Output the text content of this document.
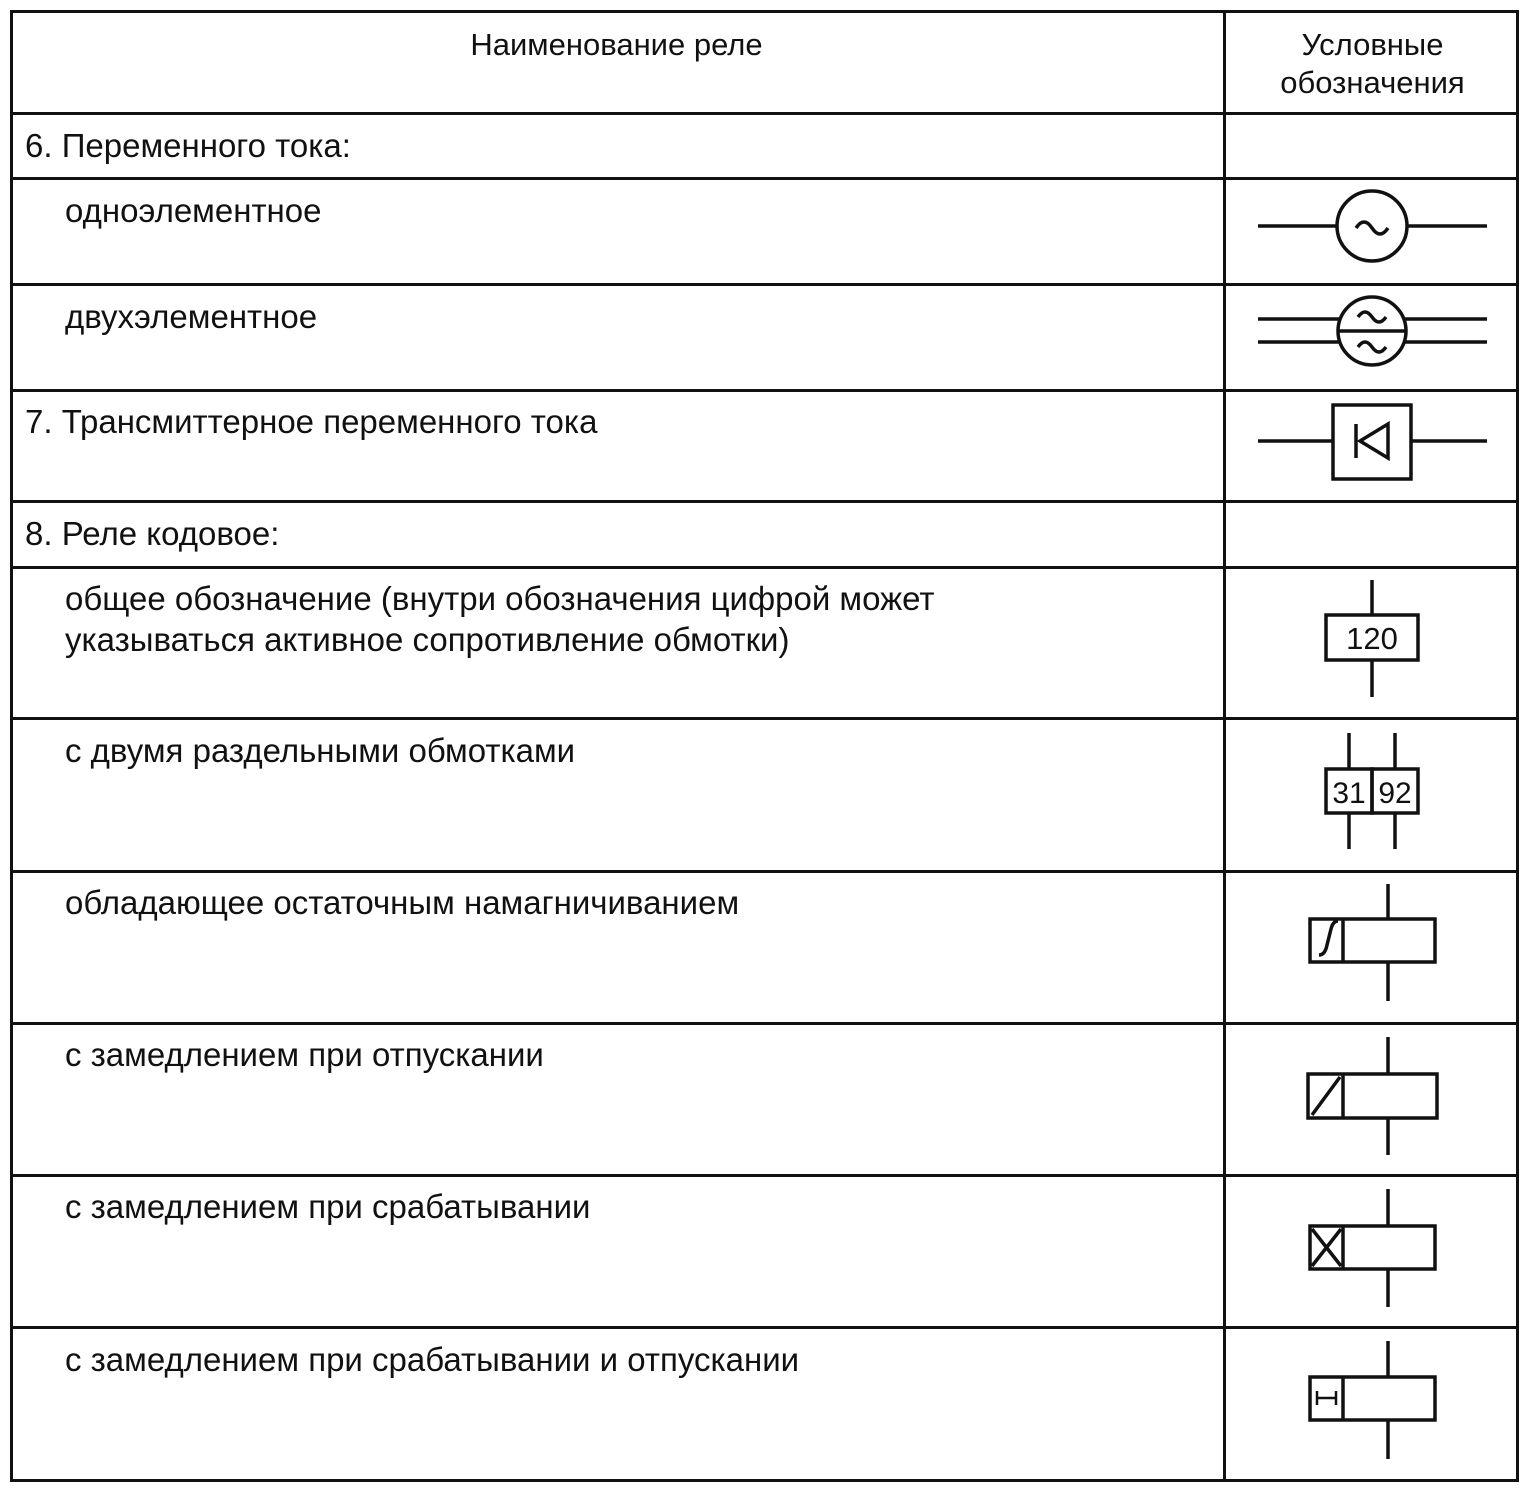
Наименование реле	Условные
обозначения
6. Переменного тока:
одноэлементное
двухэлементное
7. Трансмиттерное переменного тока
8. Реле кодовое:
общее обозначение (внутри обозначения цифрой может
указываться активное сопротивление обмотки)
с двумя раздельными обмотками
обладающее остаточным намагничиванием
с замедлением при отпускании
с замедлением при срабатывании
с замедлением при срабатывании и отпускании
120
31 92
